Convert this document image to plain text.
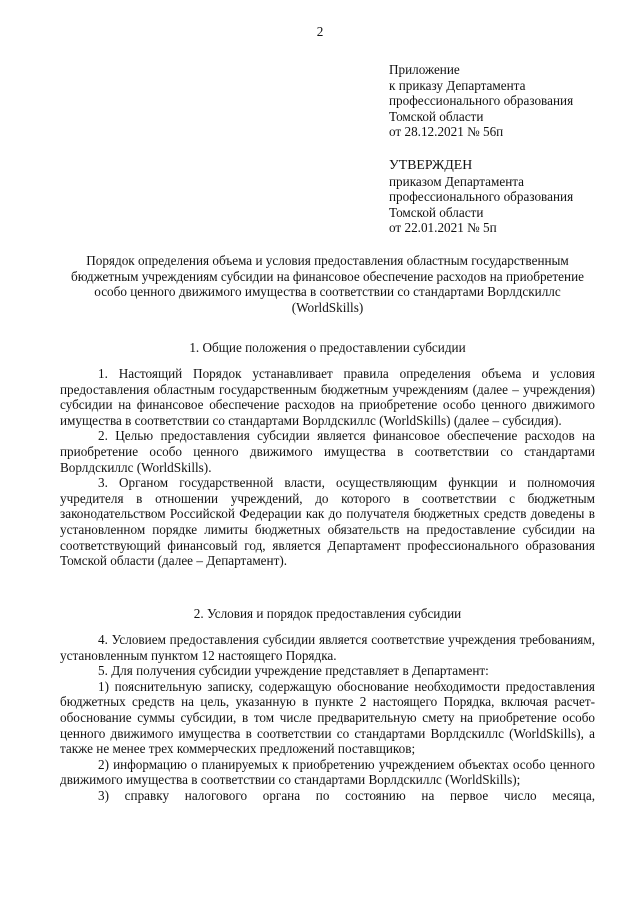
2
Приложение
к приказу Департамента
профессионального образования
Томской области
от 28.12.2021 № 56п
УТВЕРЖДЕН
приказом Департамента
профессионального образования
Томской области
от 22.01.2021 № 5п
Порядок определения объема и условия предоставления областным государственным бюджетным учреждениям субсидии на финансовое обеспечение расходов на приобретение особо ценного движимого имущества в соответствии со стандартами Ворлдскиллс (WorldSkills)
1. Общие положения о предоставлении субсидии

1. Настоящий Порядок устанавливает правила определения объема и условия предоставления областным государственным бюджетным учреждениям (далее – учреждения) субсидии на финансовое обеспечение расходов на приобретение особо ценного движимого имущества в соответствии со стандартами Ворлдскиллс (WorldSkills) (далее – субсидия).

2. Целью предоставления субсидии является финансовое обеспечение расходов на приобретение особо ценного движимого имущества в соответствии со стандартами Ворлдскиллс (WorldSkills).

3. Органом государственной власти, осуществляющим функции и полномочия учредителя в отношении учреждений, до которого в соответствии с бюджетным законодательством Российской Федерации как до получателя бюджетных средств доведены в установленном порядке лимиты бюджетных обязательств на предоставление субсидии на соответствующий финансовый год, является Департамент профессионального образования Томской области (далее – Департамент).

2. Условия и порядок предоставления субсидии

4. Условием предоставления субсидии является соответствие учреждения требованиям, установленным пунктом 12 настоящего Порядка.

5. Для получения субсидии учреждение представляет в Департамент:

1) пояснительную записку, содержащую обоснование необходимости предоставления бюджетных средств на цель, указанную в пункте 2 настоящего Порядка, включая расчет-обоснование суммы субсидии, в том числе предварительную смету на приобретение особо ценного движимого имущества в соответствии со стандартами Ворлдскиллс (WorldSkills), а также не менее трех коммерческих предложений поставщиков;

2) информацию о планируемых к приобретению учреждением объектах особо ценного движимого имущества в соответствии со стандартами Ворлдскиллс (WorldSkills);

3) справку налогового органа по состоянию на первое число месяца,
